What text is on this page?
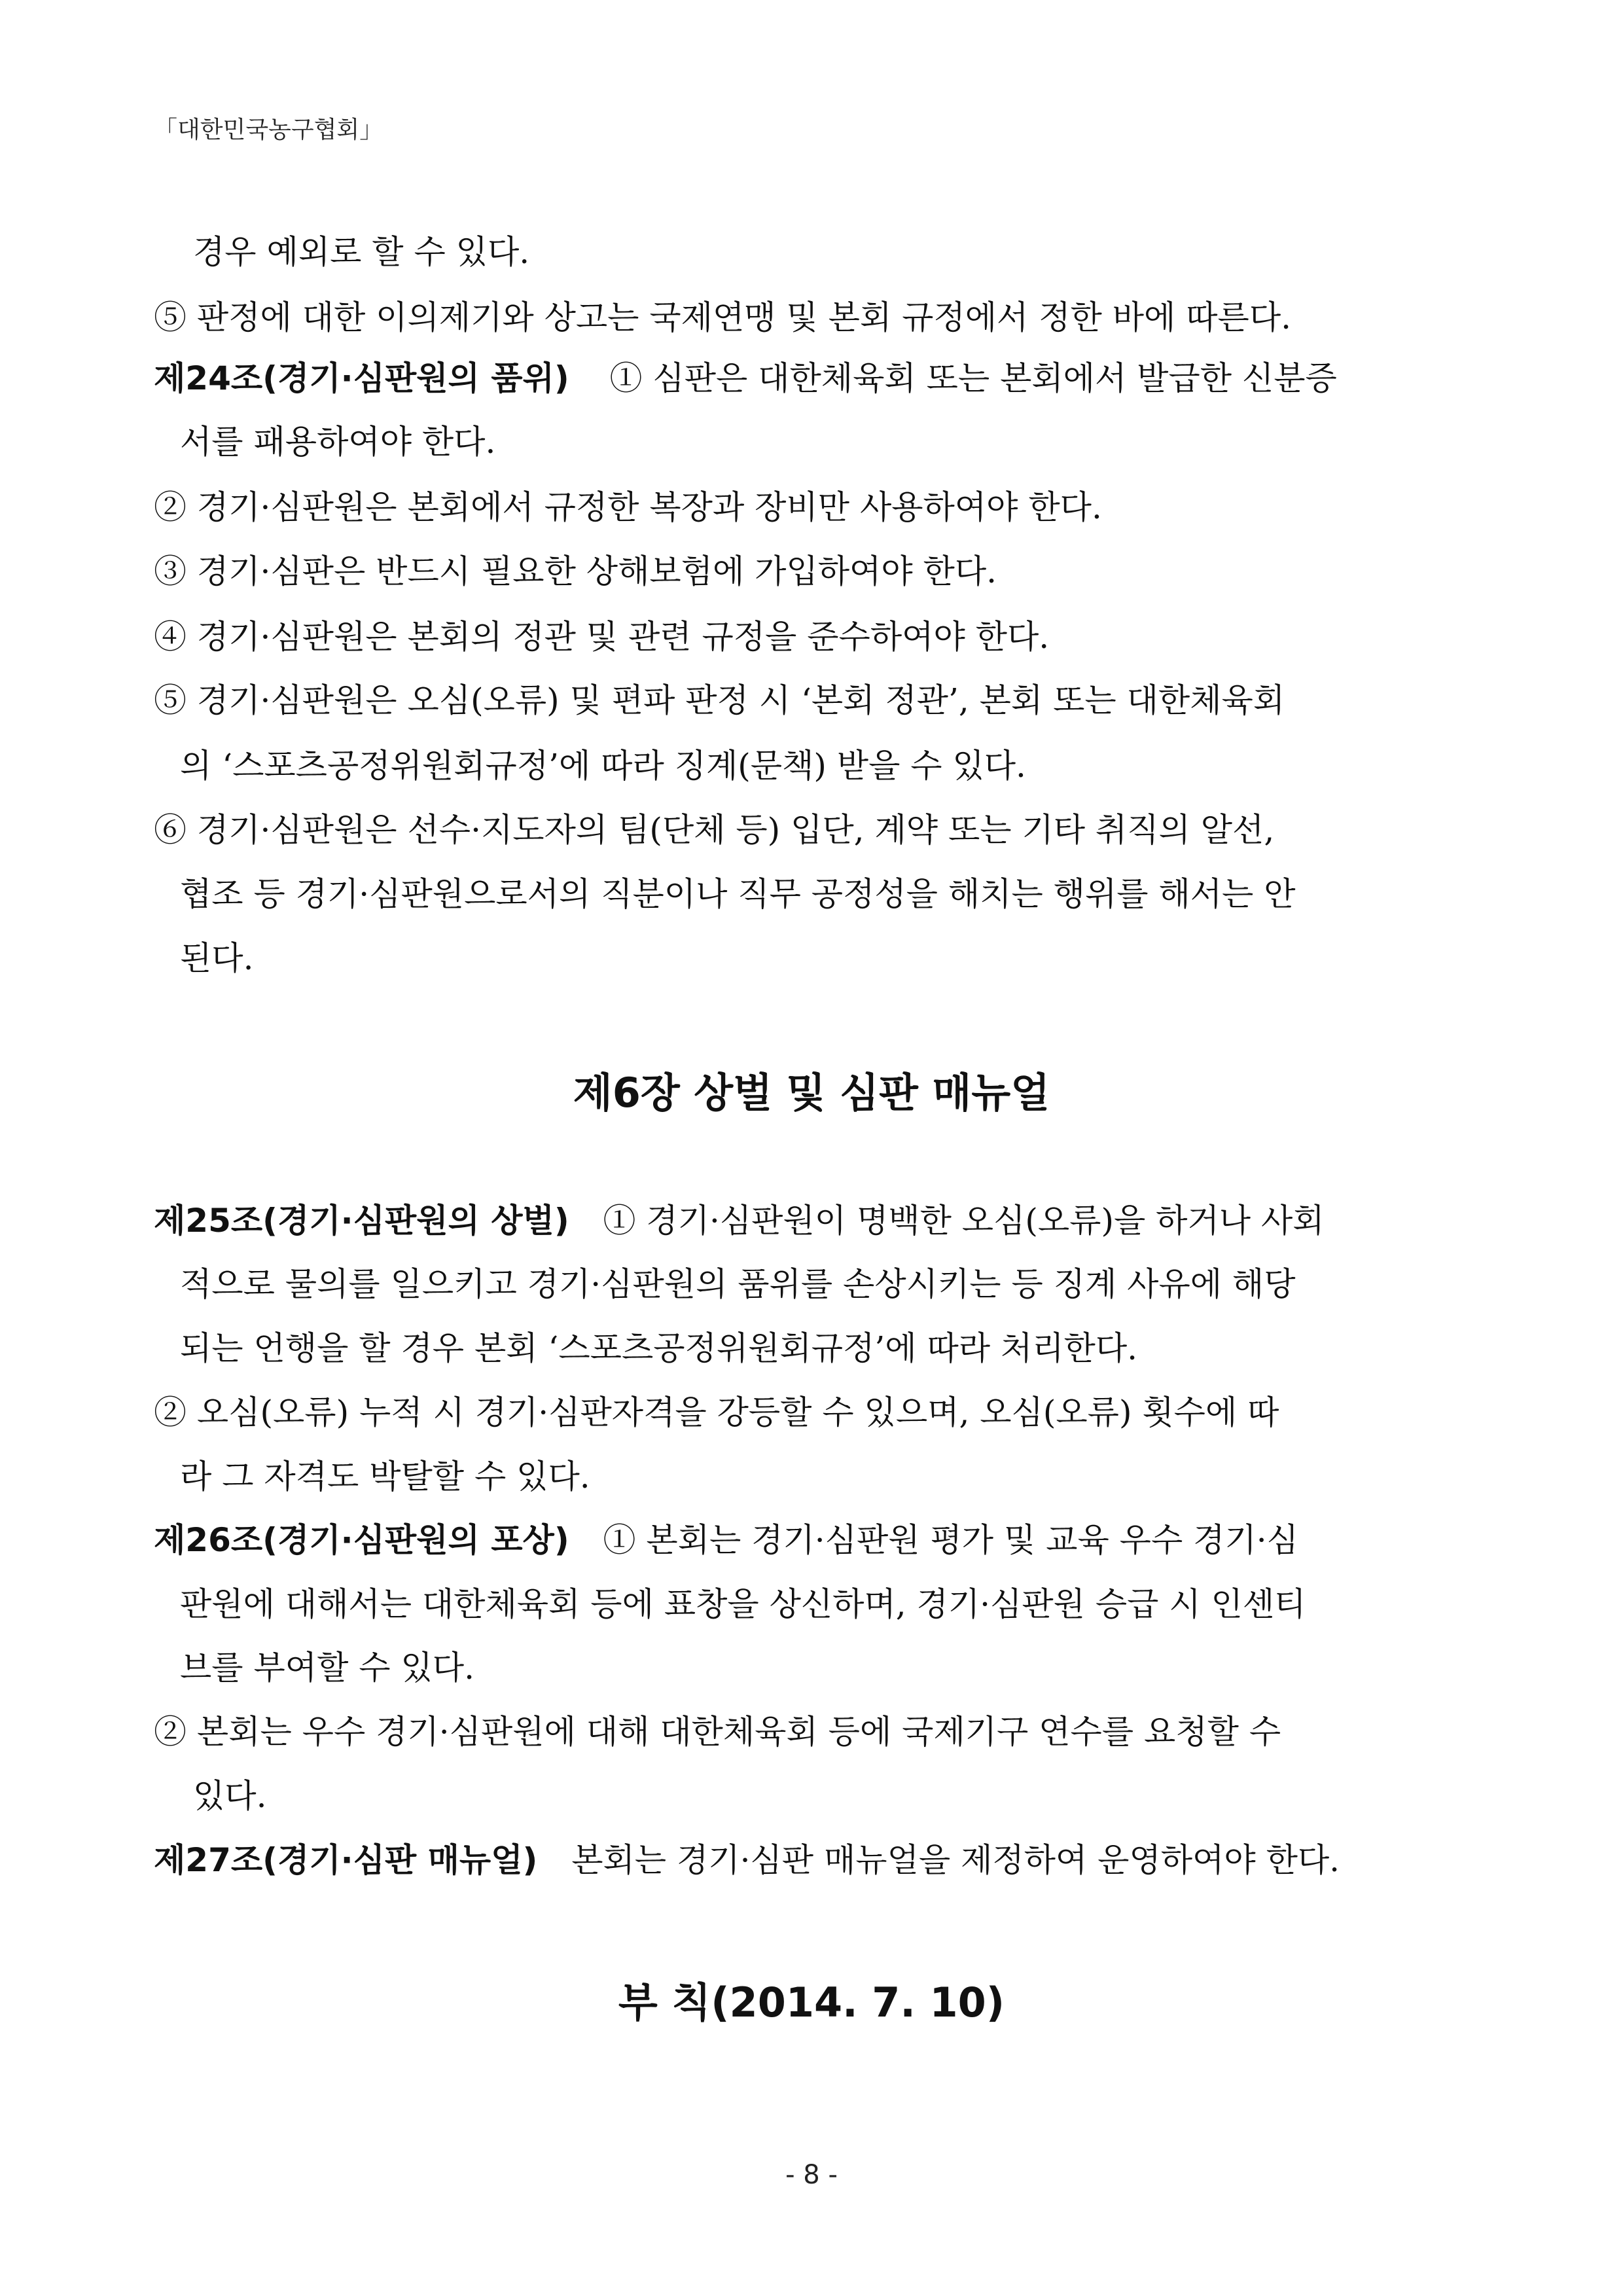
「대한민국농구협회」
경우 예외로 할 수 있다.
⑤ 판정에 대한 이의제기와 상고는 국제연맹 및 본회 규정에서 정한 바에 따른다.
제24조(경기·심판원의 품위) ① 심판은 대한체육회 또는 본회에서 발급한 신분증
서를 패용하여야 한다.
② 경기·심판원은 본회에서 규정한 복장과 장비만 사용하여야 한다.
③ 경기·심판은 반드시 필요한 상해보험에 가입하여야 한다.
④ 경기·심판원은 본회의 정관 및 관련 규정을 준수하여야 한다.
⑤ 경기·심판원은 오심(오류) 및 편파 판정 시 ‘본회 정관’, 본회 또는 대한체육회
의 ‘스포츠공정위원회규정’에 따라 징계(문책) 받을 수 있다.
⑥ 경기·심판원은 선수·지도자의 팀(단체 등) 입단, 계약 또는 기타 취직의 알선,
협조 등 경기·심판원으로서의 직분이나 직무 공정성을 해치는 행위를 해서는 안
된다.
제25조(경기·심판원의 상벌) ① 경기·심판원이 명백한 오심(오류)을 하거나 사회
적으로 물의를 일으키고 경기·심판원의 품위를 손상시키는 등 징계 사유에 해당
되는 언행을 할 경우 본회 ‘스포츠공정위원회규정’에 따라 처리한다.
② 오심(오류) 누적 시 경기·심판자격을 강등할 수 있으며, 오심(오류) 횟수에 따
라 그 자격도 박탈할 수 있다.
제26조(경기·심판원의 포상) ① 본회는 경기·심판원 평가 및 교육 우수 경기·심
판원에 대해서는 대한체육회 등에 표창을 상신하며, 경기·심판원 승급 시 인센티
브를 부여할 수 있다.
② 본회는 우수 경기·심판원에 대해 대한체육회 등에 국제기구 연수를 요청할 수
있다.
제27조(경기·심판 매뉴얼) 본회는 경기·심판 매뉴얼을 제정하여 운영하여야 한다.
제6장 상벌 및 심판 매뉴얼
부 칙(2014. 7. 10)
- 8 -
